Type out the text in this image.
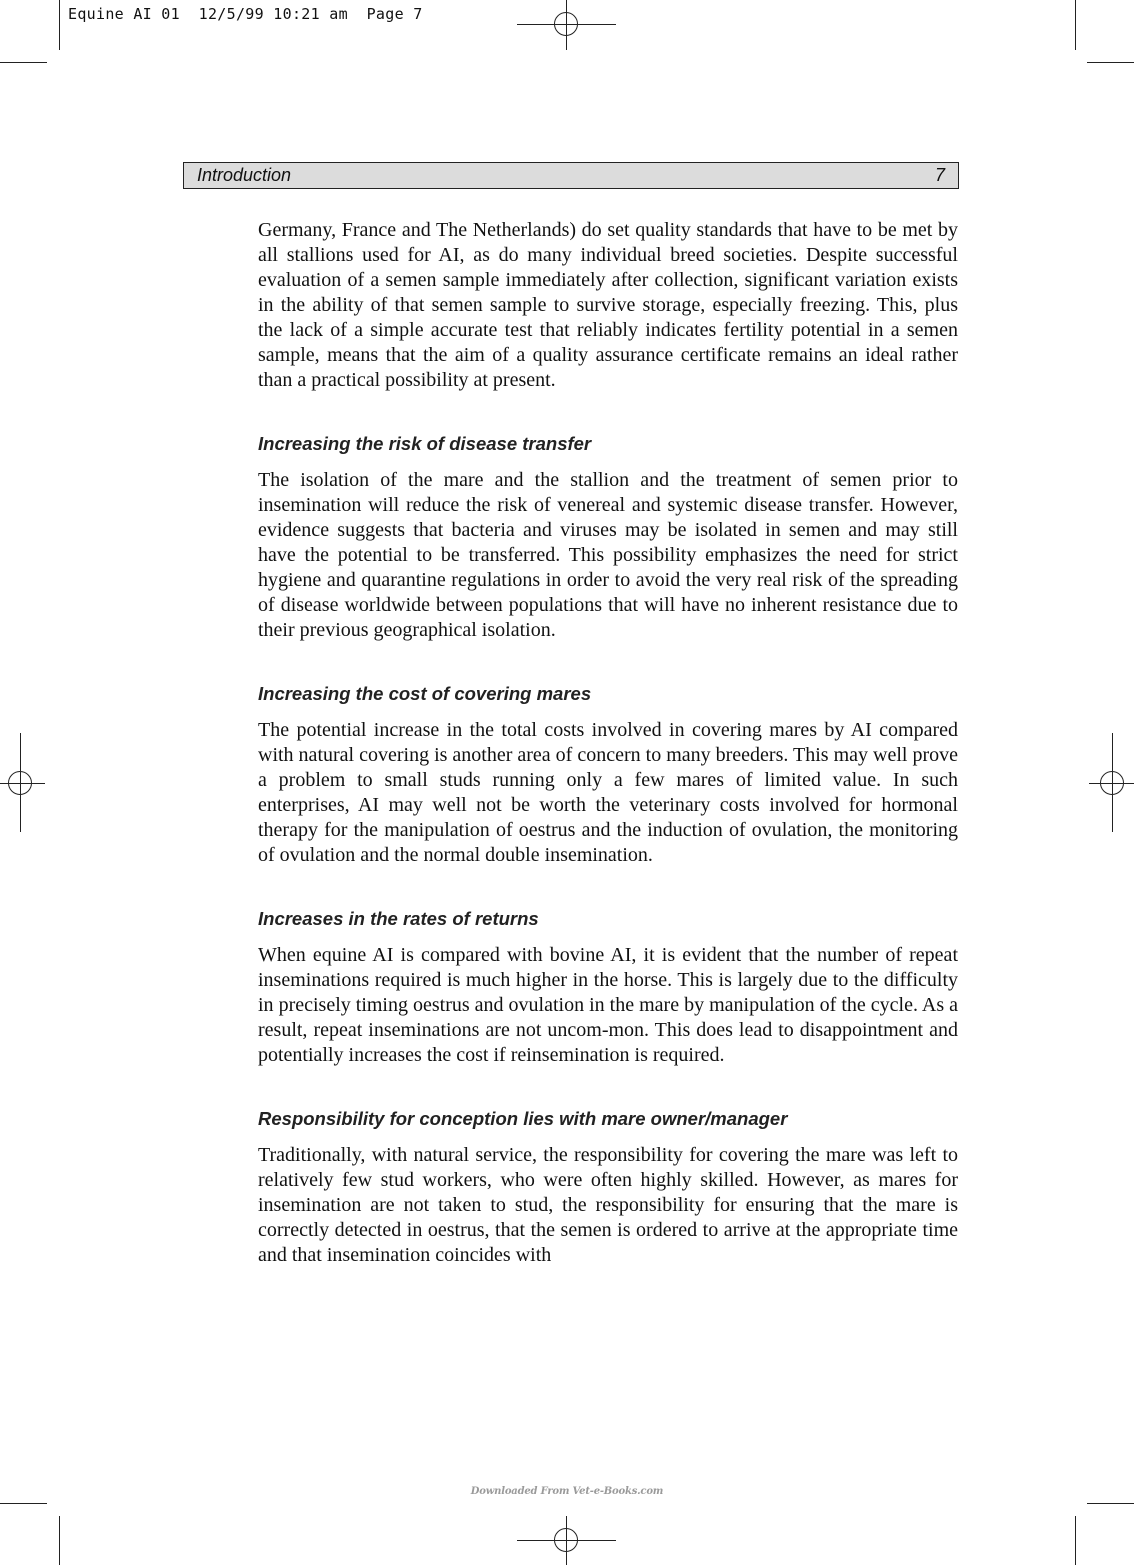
Equine AI 01  12/5/99 10:21 am  Page 7
Introduction	7

Germany, France and The Netherlands) do set quality standards that have to be met by all stallions used for AI, as do many individual breed societies. Despite successful evaluation of a semen sample immediately after collection, significant variation exists in the ability of that semen sample to survive storage, especially freezing. This, plus the lack of a simple accurate test that reliably indicates fertility potential in a semen sample, means that the aim of a quality assurance certificate remains an ideal rather than a practical possibility at present.

Increasing the risk of disease transfer

The isolation of the mare and the stallion and the treatment of semen prior to insemination will reduce the risk of venereal and systemic disease transfer. However, evidence suggests that bacteria and viruses may be isolated in semen and may still have the potential to be transferred. This possibility emphasizes the need for strict hygiene and quarantine regulations in order to avoid the very real risk of the spreading of disease worldwide between populations that will have no inherent resistance due to their previous geographical isolation.

Increasing the cost of covering mares

The potential increase in the total costs involved in covering mares by AI compared with natural covering is another area of concern to many breeders. This may well prove a problem to small studs running only a few mares of limited value. In such enterprises, AI may well not be worth the veterinary costs involved for hormonal therapy for the manipulation of oestrus and the induction of ovulation, the monitoring of ovulation and the normal double insemination.

Increases in the rates of returns

When equine AI is compared with bovine AI, it is evident that the number of repeat inseminations required is much higher in the horse. This is largely due to the difficulty in precisely timing oestrus and ovulation in the mare by manipulation of the cycle. As a result, repeat inseminations are not uncom-mon. This does lead to disappointment and potentially increases the cost if reinsemination is required.

Responsibility for conception lies with mare owner/manager

Traditionally, with natural service, the responsibility for covering the mare was left to relatively few stud workers, who were often highly skilled. However, as mares for insemination are not taken to stud, the responsibility for ensuring that the mare is correctly detected in oestrus, that the semen is ordered to arrive at the appropriate time and that insemination coincides with

Downloaded From Vet-e-Books.com
